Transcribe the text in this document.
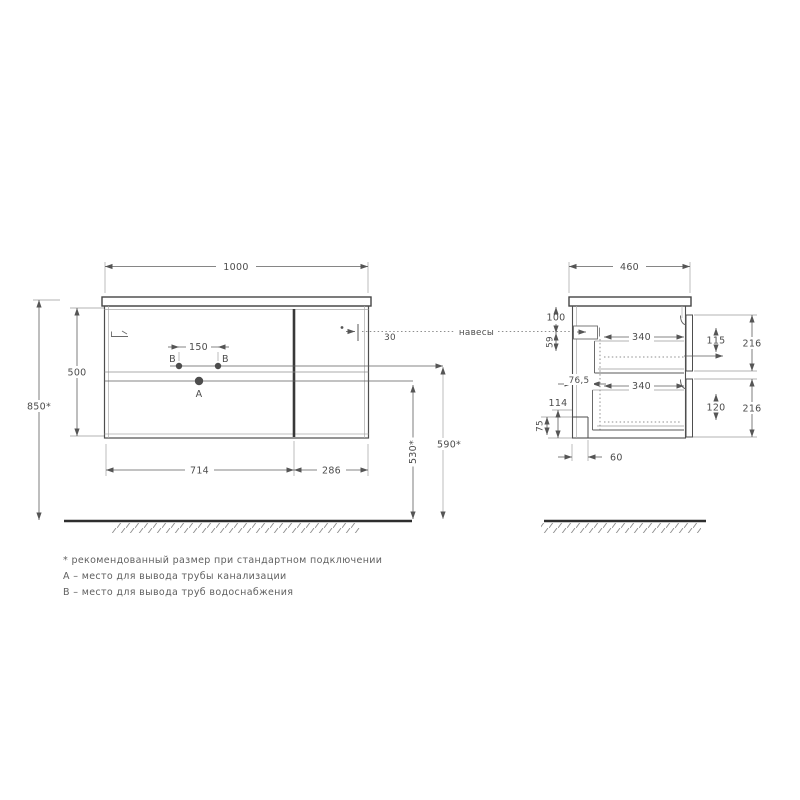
1000
30
B	B
A
150
500
850*
714	286
530* 590*
навесы
460
340
340
100
59
76,5
114
75
60
115 216
120 216
* рекомендованный размер при стандартном подключении
А – место для вывода трубы канализации
В – место для вывода труб водоснабжения
